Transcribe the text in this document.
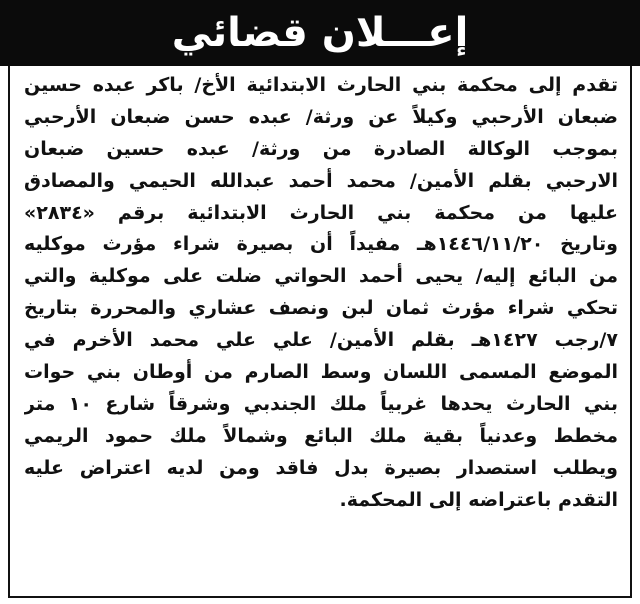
إعـــلان قضائي
تقدم إلى محكمة بني الحارث الابتدائية الأخ/ باكر عبده حسين
ضبعان الأرحبي وكيلاً عن ورثة/ عبده حسن ضبعان الأرحبي
بموجب الوكالة الصادرة من ورثة/ عبده حسين ضبعان
الارحبي بقلم الأمين/ محمد أحمد عبدالله الحيمي والمصادق
عليها من محكمة بني الحارث الابتدائية برقم «٢٨٣٤»
وتاريخ ١٤٤٦/١١/٢٠هـ مفيداً أن بصيرة شراء مؤرث موكليه
من البائع إليه/ يحيى أحمد الحواتي ضلت على موكلية والتي
تحكي شراء مؤرث ثمان لبن ونصف عشاري والمحررة بتاريخ
٧/رجب ١٤٢٧هـ بقلم الأمين/ علي علي محمد الأخرم في
الموضع المسمى اللسان وسط الصارم من أوطان بني حوات
بني الحارث يحدها غربياً ملك الجندبي وشرقاً شارع ١٠ متر
مخطط وعدنياً بقية ملك البائع وشمالاً ملك حمود الريمي
ويطلب استصدار بصيرة بدل فاقد ومن لديه اعتراض عليه
التقدم باعتراضه إلى المحكمة.
